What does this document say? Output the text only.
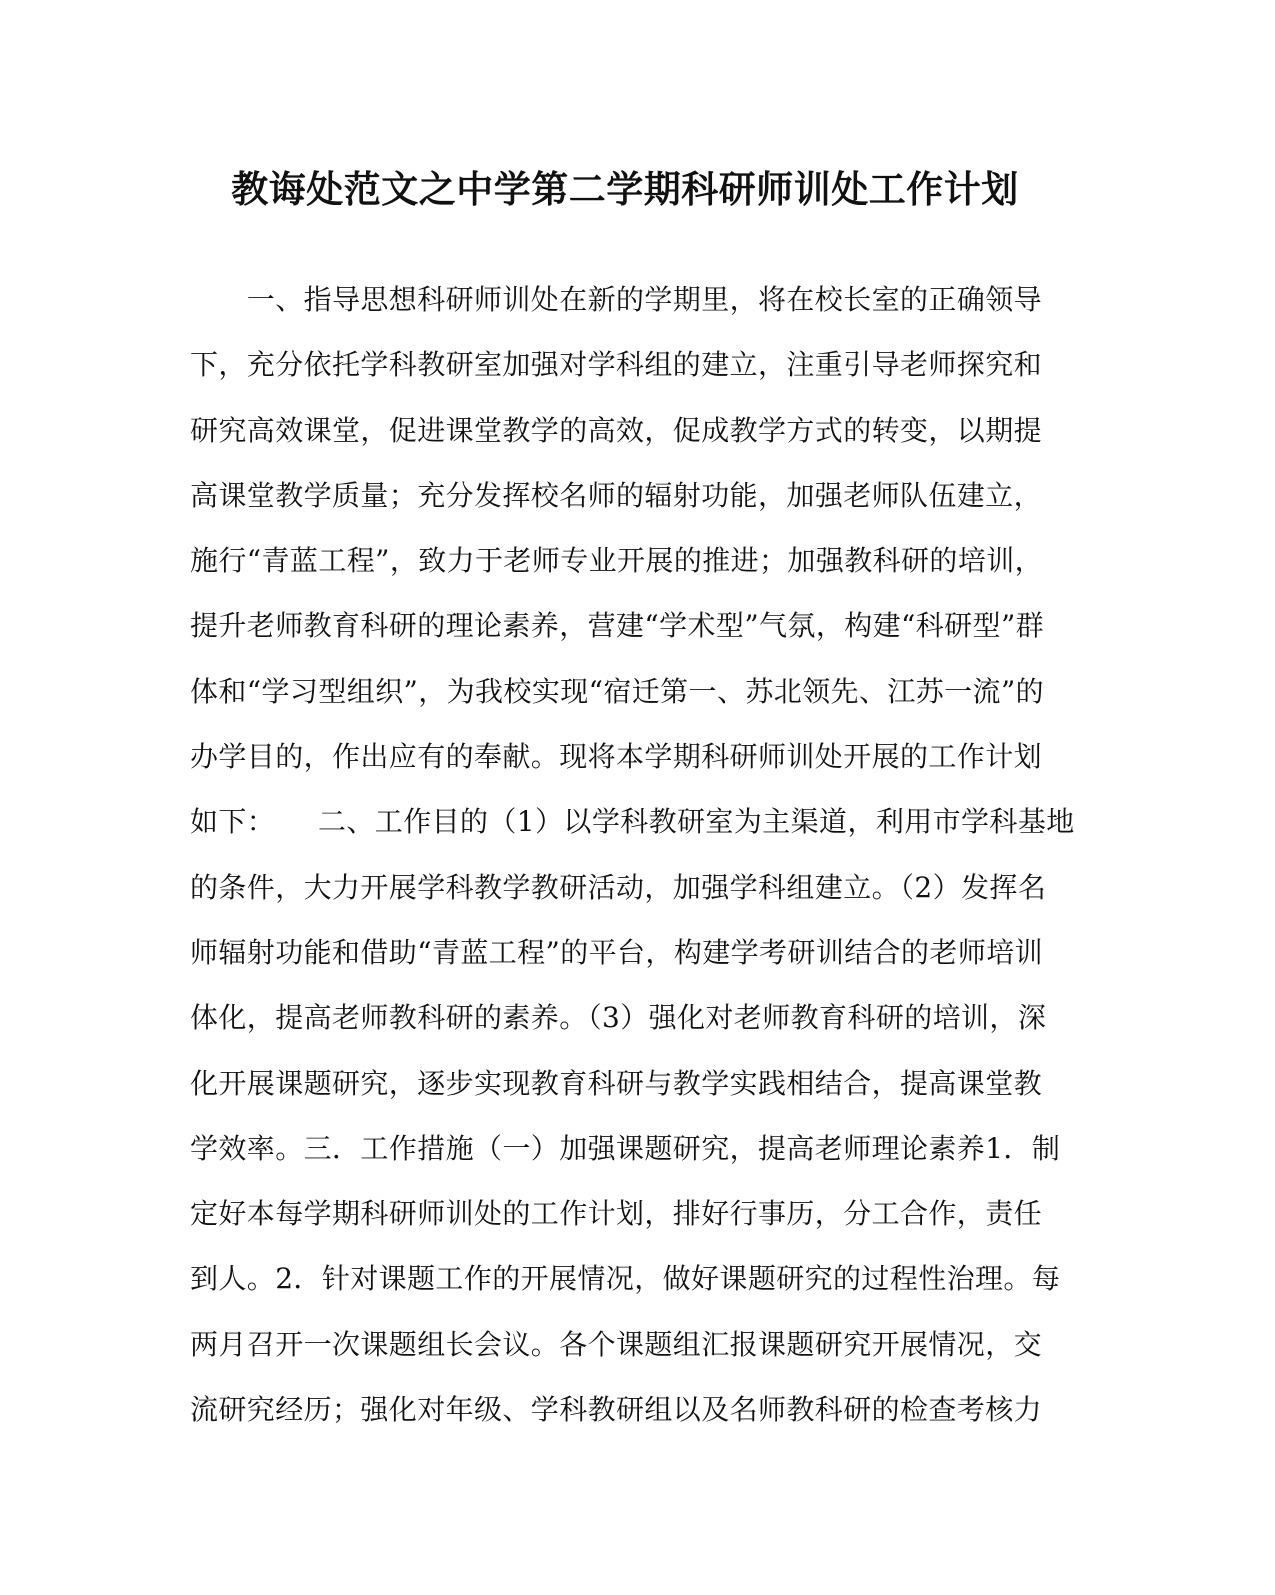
教诲处范文之中学第二学期科研师训处工作计划
　　一、指导思想科研师训处在新的学期里，将在校长室的正确领导
下，充分依托学科教研室加强对学科组的建立，注重引导老师探究和
研究高效课堂，促进课堂教学的高效，促成教学方式的转变，以期提
高课堂教学质量；充分发挥校名师的辐射功能，加强老师队伍建立，
施行“青蓝工程”，致力于老师专业开展的推进；加强教科研的培训，
提升老师教育科研的理论素养，营建“学术型”气氛，构建“科研型”群
体和“学习型组织”，为我校实现“宿迁第一、苏北领先、江苏一流”的
办学目的，作出应有的奉献。现将本学期科研师训处开展的工作计划
如下：　　二、工作目的（1）以学科教研室为主渠道，利用市学科基地
的条件，大力开展学科教学教研活动，加强学科组建立。（2）发挥名
师辐射功能和借助“青蓝工程”的平台，构建学考研训结合的老师培训
体化，提高老师教科研的素养。（3）强化对老师教育科研的培训，深
化开展课题研究，逐步实现教育科研与教学实践相结合，提高课堂教
学效率。三．工作措施（一）加强课题研究，提高老师理论素养1．制
定好本每学期科研师训处的工作计划，排好行事历，分工合作，责任
到人。2．针对课题工作的开展情况，做好课题研究的过程性治理。每
两月召开一次课题组长会议。各个课题组汇报课题研究开展情况，交
流研究经历；强化对年级、学科教研组以及名师教科研的检查考核力
